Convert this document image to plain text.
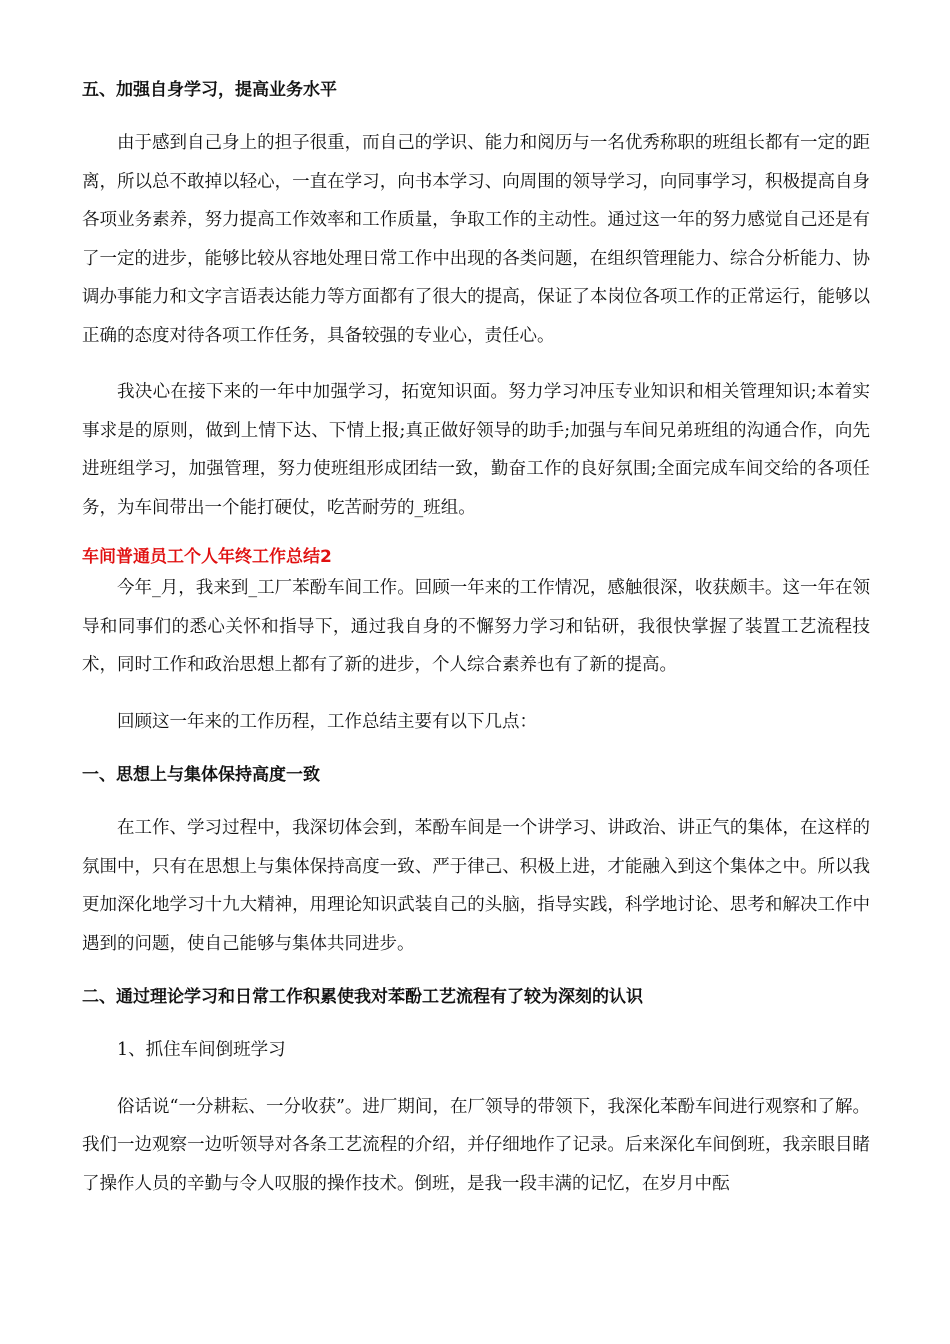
五、加强自身学习，提高业务水平

由于感到自己身上的担子很重，而自己的学识、能力和阅历与一名优秀称职的班组长都有一定的距离，所以总不敢掉以轻心，一直在学习，向书本学习、向周围的领导学习，向同事学习，积极提高自身各项业务素养，努力提高工作效率和工作质量，争取工作的主动性。通过这一年的努力感觉自己还是有了一定的进步，能够比较从容地处理日常工作中出现的各类问题，在组织管理能力、综合分析能力、协调办事能力和文字言语表达能力等方面都有了很大的提高，保证了本岗位各项工作的正常运行，能够以正确的态度对待各项工作任务，具备较强的专业心，责任心。

我决心在接下来的一年中加强学习，拓宽知识面。努力学习冲压专业知识和相关管理知识;本着实事求是的原则，做到上情下达、下情上报;真正做好领导的助手;加强与车间兄弟班组的沟通合作，向先进班组学习，加强管理，努力使班组形成团结一致，勤奋工作的良好氛围;全面完成车间交给的各项任务，为车间带出一个能打硬仗，吃苦耐劳的_班组。

车间普通员工个人年终工作总结2

今年_月，我来到_工厂苯酚车间工作。回顾一年来的工作情况，感触很深，收获颇丰。这一年在领导和同事们的悉心关怀和指导下，通过我自身的不懈努力学习和钻研，我很快掌握了装置工艺流程技术，同时工作和政治思想上都有了新的进步，个人综合素养也有了新的提高。

回顾这一年来的工作历程，工作总结主要有以下几点：

一、思想上与集体保持高度一致

在工作、学习过程中，我深切体会到，苯酚车间是一个讲学习、讲政治、讲正气的集体，在这样的氛围中，只有在思想上与集体保持高度一致、严于律己、积极上进，才能融入到这个集体之中。所以我更加深化地学习十九大精神，用理论知识武装自己的头脑，指导实践，科学地讨论、思考和解决工作中遇到的问题，使自己能够与集体共同进步。

二、通过理论学习和日常工作积累使我对苯酚工艺流程有了较为深刻的认识

1、抓住车间倒班学习

俗话说“一分耕耘、一分收获”。进厂期间，在厂领导的带领下，我深化苯酚车间进行观察和了解。我们一边观察一边听领导对各条工艺流程的介绍，并仔细地作了记录。后来深化车间倒班，我亲眼目睹了操作人员的辛勤与令人叹服的操作技术。倒班，是我一段丰满的记忆，在岁月中酝
